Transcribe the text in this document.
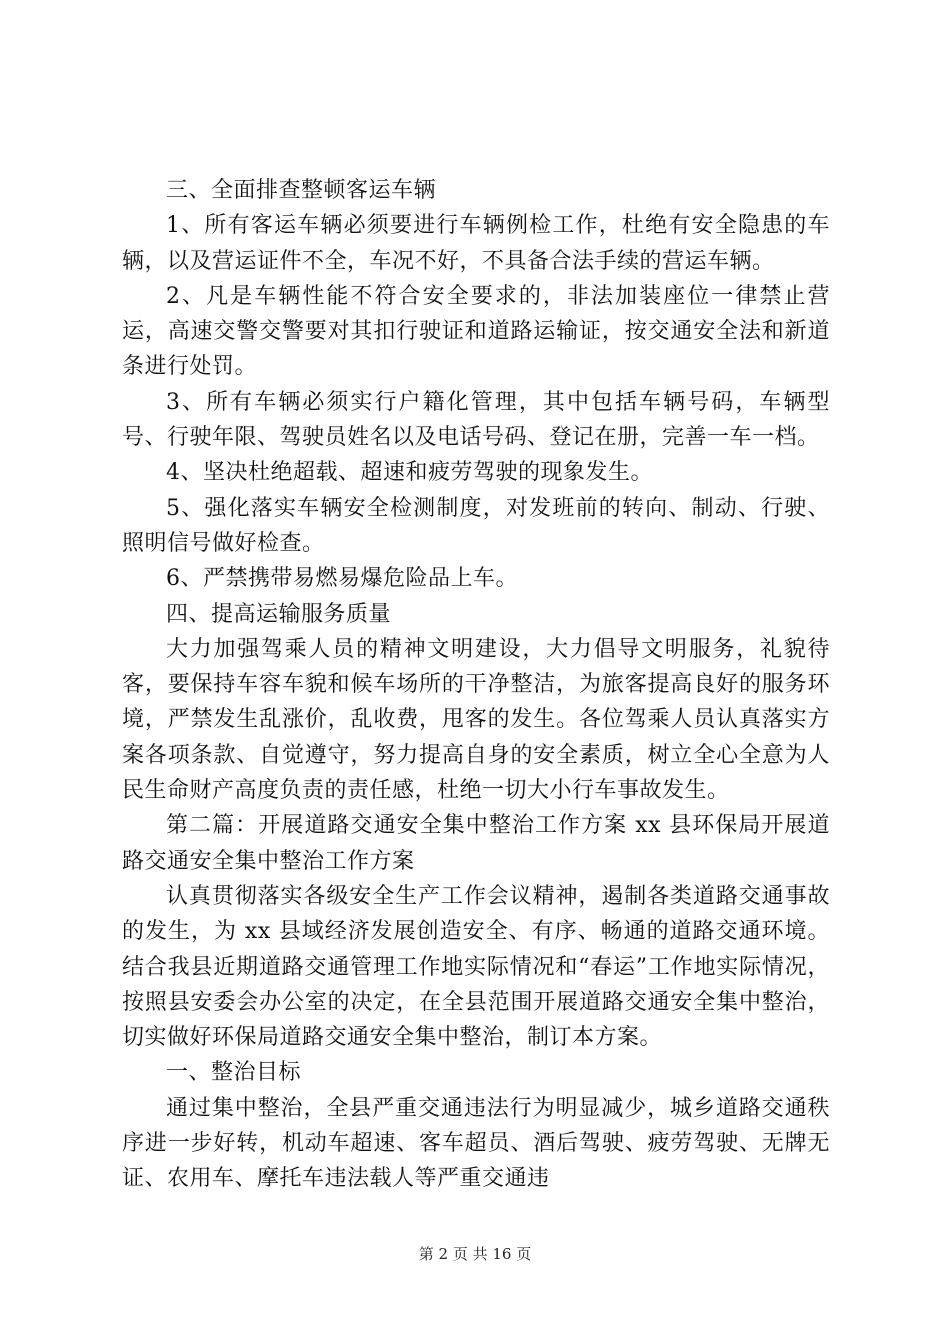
三、全面排查整顿客运车辆

1、所有客运车辆必须要进行车辆例检工作，杜绝有安全隐患的车辆，以及营运证件不全，车况不好，不具备合法手续的营运车辆。

2、凡是车辆性能不符合安全要求的，非法加装座位一律禁止营运，高速交警交警要对其扣行驶证和道路运输证，按交通安全法和新道条进行处罚。

3、所有车辆必须实行户籍化管理，其中包括车辆号码，车辆型号、行驶年限、驾驶员姓名以及电话号码、登记在册，完善一车一档。

4、坚决杜绝超载、超速和疲劳驾驶的现象发生。

5、强化落实车辆安全检测制度，对发班前的转向、制动、行驶、照明信号做好检查。

6、严禁携带易燃易爆危险品上车。

四、提高运输服务质量

大力加强驾乘人员的精神文明建设，大力倡导文明服务，礼貌待客，要保持车容车貌和候车场所的干净整洁，为旅客提高良好的服务环境，严禁发生乱涨价，乱收费，甩客的发生。各位驾乘人员认真落实方案各项条款、自觉遵守，努力提高自身的安全素质，树立全心全意为人民生命财产高度负责的责任感，杜绝一切大小行车事故发生。

第二篇：开展道路交通安全集中整治工作方案 xx 县环保局开展道路交通安全集中整治工作方案

认真贯彻落实各级安全生产工作会议精神，遏制各类道路交通事故的发生，为 xx 县域经济发展创造安全、有序、畅通的道路交通环境。结合我县近期道路交通管理工作地实际情况和“春运”工作地实际情况，按照县安委会办公室的决定，在全县范围开展道路交通安全集中整治，切实做好环保局道路交通安全集中整治，制订本方案。

一、整治目标

通过集中整治，全县严重交通违法行为明显减少，城乡道路交通秩序进一步好转，机动车超速、客车超员、酒后驾驶、疲劳驾驶、无牌无证、农用车、摩托车违法载人等严重交通违

第 2 页 共 16 页
